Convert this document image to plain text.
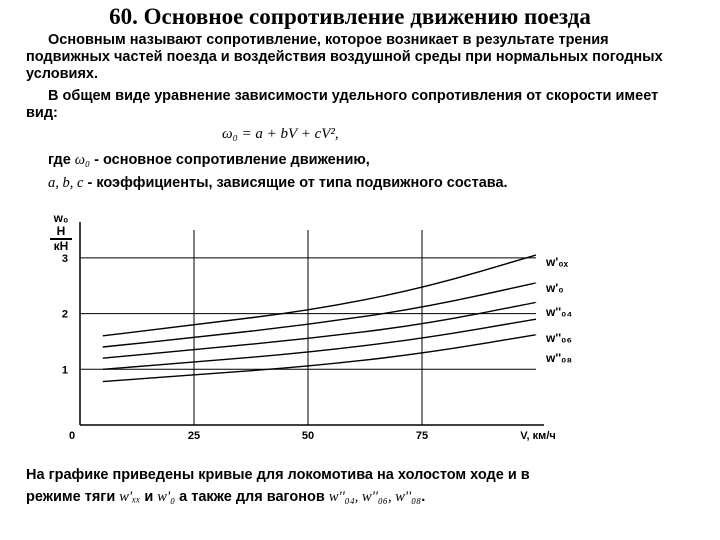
60. Основное сопротивление движению поезда
Основным называют сопротивление, которое возникает в результате трения подвижных частей поезда и воздействия воздушной среды при нормальных погодных условиях.
В общем виде уравнение зависимости удельного сопротивления от скорости имеет вид:
ω₀ = a + bV + cV²,
где ω₀ - основное сопротивление движению,
a, b, c - коэффициенты, зависящие от типа подвижного состава.
w₀
Н
кН
1
2
3
0	25	50	75	V, км/ч
w'₀ₓ
w'₀
w''₀₄
w''₀₆
w''₀₈
На графике приведены кривые для локомотива на холостом ходе и в
режиме тяги w'ₓₓ и w'₀ а также для вагонов w''₀₄, w''₀₆, w''₀₈.
